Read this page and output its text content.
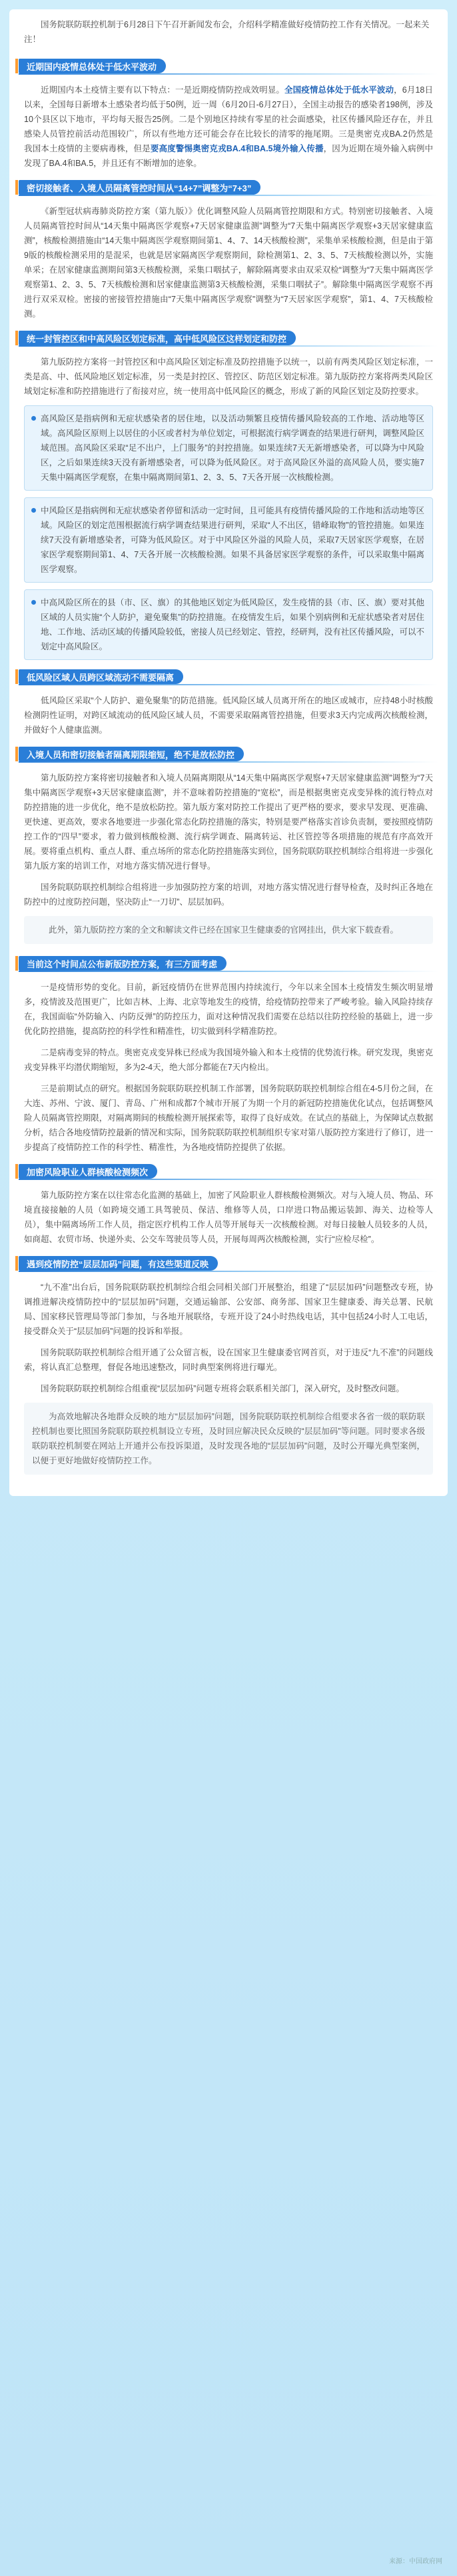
国务院联防联控机制于6月28日下午召开新闻发布会，介绍科学精准做好疫情防控工作有关情况。一起来关注！

近期国内疫情总体处于低水平波动

近期国内本土疫情主要有以下特点：一是近期疫情防控成效明显。全国疫情总体处于低水平波动，6月18日以来，全国每日新增本土感染者均低于50例，近一周（6月20日-6月27日），全国主动报告的感染者198例，涉及10个县区以下地市，平均每天报告25例。二是个别地区持续有零星的社会面感染，社区传播风险还存在，并且感染人员管控前活动范围较广，所以有些地方还可能会存在比较长的清零的拖尾期。三是奥密克戎BA.2仍然是我国本土疫情的主要病毒株，但是要高度警惕奥密克戎BA.4和BA.5境外输入传播，因为近期在境外输入病例中发现了BA.4和BA.5，并且还有不断增加的迹象。

密切接触者、入境人员隔离管控时间从“14+7”调整为“7+3”

《新型冠状病毒肺炎防控方案（第九版）》优化调整风险人员隔离管控期限和方式。特别密切接触者、入境人员隔离管控时间从“14天集中隔离医学观察+7天居家健康监测”调整为“7天集中隔离医学观察+3天居家健康监测”，核酸检测措施由“14天集中隔离医学观察期间第1、4、7、14天核酸检测”，采集单采核酸检测，但是由于第9版的核酸检测采用的是混采，也就是居家隔离医学观察期间，除检测第1、2、3、5、7天核酸检测以外，实施单采；在居家健康监测期间第3天核酸检测，采集口咽拭子，解除隔离要求由双采双检“调整为“7天集中隔离医学观察第1、2、3、5、7天核酸检测和居家健康监测第3天核酸检测，采集口咽拭子”。解除集中隔离医学观察不再进行双采双检。密接的密接管控措施由“7天集中隔离医学观察”调整为“7天居家医学观察”，第1、4、7天核酸检测。

统一封管控区和中高风险区划定标准，高中低风险区这样划定和防控

第九版防控方案将一封管控区和中高风险区划定标准及防控措施予以统一，以前有两类风险区划定标准，一类是高、中、低风险地区划定标准，另一类是封控区、管控区、防范区划定标准。第九版防控方案将两类风险区域划定标准和防控措施进行了衔接对应，统一使用高中低风险区的概念，形成了新的风险区划定及防控要求。

高风险区是指病例和无症状感染者的居住地，以及活动频繁且疫情传播风险较高的工作地、活动地等区域。高风险区原则上以居住的小区或者村为单位划定，可根据流行病学调查的结果进行研判，调整风险区域范围。高风险区采取“足不出户，上门服务”的封控措施。如果连续7天无新增感染者，可以降为中风险区，之后如果连续3天没有新增感染者，可以降为低风险区。对于高风险区外溢的高风险人员，要实施7天集中隔离医学观察，在集中隔离期间第1、2、3、5、7天各开展一次核酸检测。

中风险区是指病例和无症状感染者停留和活动一定时间，且可能具有疫情传播风险的工作地和活动地等区域。风险区的划定范围根据流行病学调查结果进行研判，采取“人不出区，错峰取物”的管控措施。如果连续7天没有新增感染者，可降为低风险区。对于中风险区外溢的风险人员，采取7天居家医学观察，在居家医学观察期间第1、4、7天各开展一次核酸检测。如果不具备居家医学观察的条件，可以采取集中隔离医学观察。

中高风险区所在的县（市、区、旗）的其他地区划定为低风险区，发生疫情的县（市、区、旗）要对其他区域的人员实施“个人防护，避免聚集”的防控措施。在疫情发生后，如果个别病例和无症状感染者对居住地、工作地、活动区域的传播风险较低，密接人员已经划定、管控，经研判，没有社区传播风险，可以不划定中高风险区。

低风险区域人员跨区域流动不需要隔离

低风险区采取“个人防护、避免聚集”的防范措施。低风险区域人员离开所在的地区或城市，应持48小时核酸检测阴性证明，对跨区域流动的低风险区域人员，不需要采取隔离管控措施，但要求3天内完成两次核酸检测，并做好个人健康监测。

入境人员和密切接触者隔离期限缩短，绝不是放松防控

第九版防控方案将密切接触者和入境人员隔离期限从“14天集中隔离医学观察+7天居家健康监测”调整为“7天集中隔离医学观察+3天居家健康监测”，并不意味着防控措施的“宽松”，而是根据奥密克戎变异株的流行特点对防控措施的进一步优化，绝不是放松防控。第九版方案对防控工作提出了更严格的要求，要求早发现、更准确、更快速、更高效，要求各地要进一步强化常态化防控措施的落实，特别是要严格落实首诊负责制，要按照疫情防控工作的“四早”要求，着力做到核酸检测、流行病学调查、隔离转运、社区管控等各项措施的规范有序高效开展。要将重点机构、重点人群、重点场所的常态化防控措施落实到位，国务院联防联控机制综合组将进一步强化第九版方案的培训工作，对地方落实情况进行督导。

国务院联防联控机制综合组将进一步加强防控方案的培训，对地方落实情况进行督导检查，及时纠正各地在防控中的过度防控问题，坚决防止“一刀切”、层层加码。

此外，第九版防控方案的全文和解读文件已经在国家卫生健康委的官网挂出，供大家下载查看。

当前这个时间点公布新版防控方案，有三方面考虑

一是疫情形势的变化。目前，新冠疫情仍在世界范围内持续流行，今年以来全国本土疫情发生频次明显增多，疫情波及范围更广，比如吉林、上海、北京等地发生的疫情，给疫情防控带来了严峻考验。输入风险持续存在，我国面临“外防输入、内防反弹”的防控压力，面对这种情况我们需要在总结以往防控经验的基础上，进一步优化防控措施，提高防控的科学性和精准性，切实做到科学精准防控。

二是病毒变异的特点。奥密克戎变异株已经成为我国境外输入和本土疫情的优势流行株。研究发现，奥密克戎变异株平均潜伏期缩短，多为2-4天，绝大部分都能在7天内检出。

三是前期试点的研究。根据国务院联防联控机制工作部署，国务院联防联控机制综合组在4-5月份之间，在大连、苏州、宁波、厦门、青岛、广州和成都7个城市开展了为期一个月的新冠防控措施优化试点，包括调整风险人员隔离管控期限，对隔离期间的核酸检测开展探索等，取得了良好成效。在试点的基础上，为保障试点数据分析，结合各地疫情防控最新的情况和实际，国务院联防联控机制组织专家对第八版防控方案进行了修订，进一步提高了疫情防控工作的科学性、精准性，为各地疫情防控提供了依据。

加密风险职业人群核酸检测频次

第九版防控方案在以往常态化监测的基础上，加密了风险职业人群核酸检测频次。对与入境人员、物品、环境直接接触的人员（如跨境交通工具驾驶员、保洁、维修等人员，口岸进口物品搬运装卸、海关、边检等人员），集中隔离场所工作人员，指定医疗机构工作人员等开展每天一次核酸检测。对每日接触人员较多的人员，如商超、农贸市场、快递外卖、公交车驾驶员等人员，开展每周两次核酸检测，实行“应检尽检”。

遇到疫情防控“层层加码”问题，有这些渠道反映

“九不准”出台后，国务院联防联控机制综合组会同相关部门开展整治，组建了“层层加码”问题整改专班，协调推进解决疫情防控中的“层层加码”问题，交通运输部、公安部、商务部、国家卫生健康委、海关总署、民航局、国家移民管理局等部门参加，与各地开展联络，专班开设了24小时热线电话，其中包括24小时人工电话，接受群众关于“层层加码”问题的投诉和举报。

国务院联防联控机制综合组开通了公众留言板，设在国家卫生健康委官网首页，对于违反“九不准”的问题线索，将认真汇总整理，督促各地迅速整改，同时典型案例将进行曝光。

国务院联防联控机制综合组重视“层层加码”问题专班将会联系相关部门，深入研究，及时整改问题。

为高效地解决各地群众反映的地方“层层加码”问题，国务院联防联控机制综合组要求各省一级的联防联控机制也要比照国务院联防联控机制设立专班，及时回应解决民众反映的“层层加码”等问题。同时要求各级联防联控机制要在网站上开通并公布投诉渠道，及时发现各地的“层层加码”问题，及时公开曝光典型案例，以便于更好地做好疫情防控工作。

来源：中国政府网
